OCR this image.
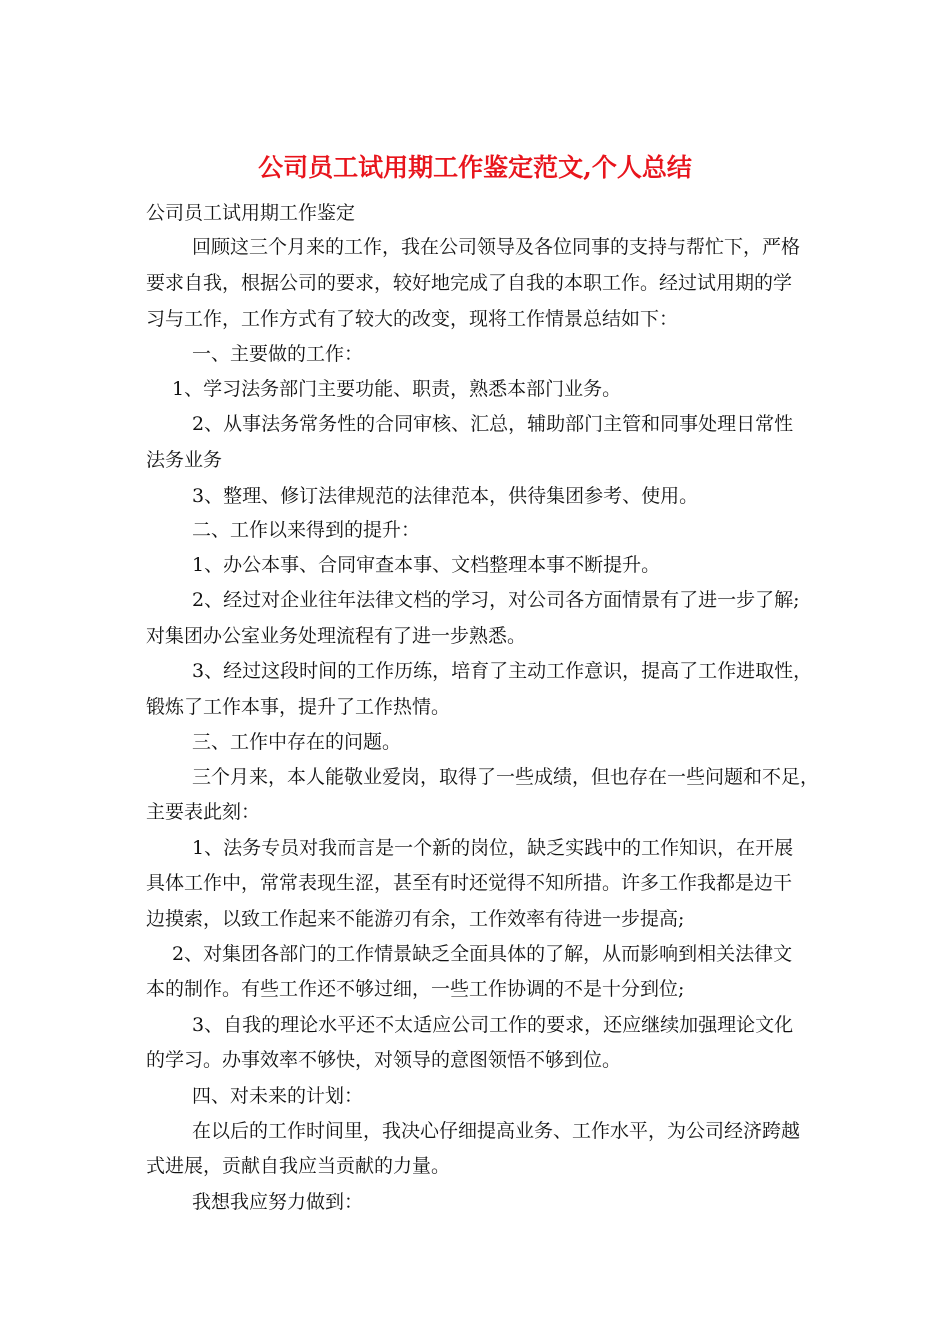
公司员工试用期工作鉴定范文,个人总结
公司员工试用期工作鉴定
回顾这三个月来的工作，我在公司领导及各位同事的支持与帮忙下，严格
要求自我，根据公司的要求，较好地完成了自我的本职工作。经过试用期的学
习与工作，工作方式有了较大的改变，现将工作情景总结如下：
一、主要做的工作：
1、学习法务部门主要功能、职责，熟悉本部门业务。
2、从事法务常务性的合同审核、汇总，辅助部门主管和同事处理日常性
法务业务
3、整理、修订法律规范的法律范本，供待集团参考、使用。
二、工作以来得到的提升：
1、办公本事、合同审查本事、文档整理本事不断提升。
2、经过对企业往年法律文档的学习，对公司各方面情景有了进一步了解;
对集团办公室业务处理流程有了进一步熟悉。
3、经过这段时间的工作历练，培育了主动工作意识，提高了工作进取性，
锻炼了工作本事，提升了工作热情。
三、工作中存在的问题。
三个月来，本人能敬业爱岗，取得了一些成绩，但也存在一些问题和不足，
主要表此刻：
1、法务专员对我而言是一个新的岗位，缺乏实践中的工作知识，在开展
具体工作中，常常表现生涩，甚至有时还觉得不知所措。许多工作我都是边干
边摸索，以致工作起来不能游刃有余，工作效率有待进一步提高;
2、对集团各部门的工作情景缺乏全面具体的了解，从而影响到相关法律文
本的制作。有些工作还不够过细，一些工作协调的不是十分到位;
3、自我的理论水平还不太适应公司工作的要求，还应继续加强理论文化
的学习。办事效率不够快，对领导的意图领悟不够到位。
四、对未来的计划：
在以后的工作时间里，我决心仔细提高业务、工作水平，为公司经济跨越
式进展，贡献自我应当贡献的力量。
我想我应努力做到：
